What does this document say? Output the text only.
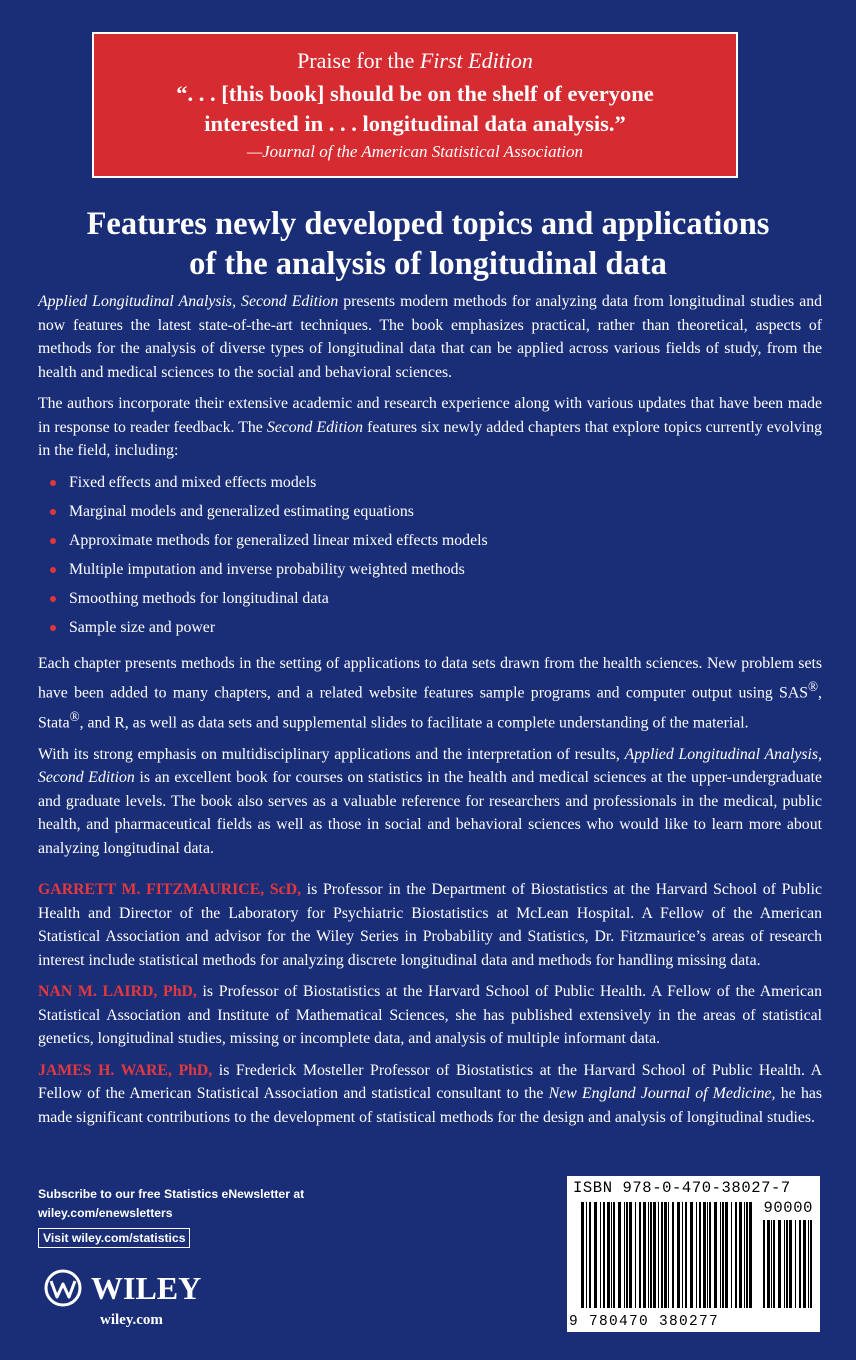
Praise for the First Edition
“. . . [this book] should be on the shelf of everyone
interested in . . . longitudinal data analysis.”
—Journal of the American Statistical Association
Features newly developed topics and applications
of the analysis of longitudinal data

Applied Longitudinal Analysis, Second Edition presents modern methods for analyzing data from longitudinal studies and now features the latest state-of-the-art techniques. The book emphasizes practical, rather than theoretical, aspects of methods for the analysis of diverse types of longitudinal data that can be applied across various fields of study, from the health and medical sciences to the social and behavioral sciences.

The authors incorporate their extensive academic and research experience along with various updates that have been made in response to reader feedback. The Second Edition features six newly added chapters that explore topics currently evolving in the field, including:

Fixed effects and mixed effects models
Marginal models and generalized estimating equations
Approximate methods for generalized linear mixed effects models
Multiple imputation and inverse probability weighted methods
Smoothing methods for longitudinal data
Sample size and power

Each chapter presents methods in the setting of applications to data sets drawn from the health sciences. New problem sets have been added to many chapters, and a related website features sample programs and computer output using SAS®, Stata®, and R, as well as data sets and supplemental slides to facilitate a complete understanding of the material.

With its strong emphasis on multidisciplinary applications and the interpretation of results, Applied Longitudinal Analysis, Second Edition is an excellent book for courses on statistics in the health and medical sciences at the upper-undergraduate and graduate levels. The book also serves as a valuable reference for researchers and professionals in the medical, public health, and pharmaceutical fields as well as those in social and behavioral sciences who would like to learn more about analyzing longitudinal data.

GARRETT M. FITZMAURICE, ScD, is Professor in the Department of Biostatistics at the Harvard School of Public Health and Director of the Laboratory for Psychiatric Biostatistics at McLean Hospital. A Fellow of the American Statistical Association and advisor for the Wiley Series in Probability and Statistics, Dr. Fitzmaurice’s areas of research interest include statistical methods for analyzing discrete longitudinal data and methods for handling missing data.

NAN M. LAIRD, PhD, is Professor of Biostatistics at the Harvard School of Public Health. A Fellow of the American Statistical Association and Institute of Mathematical Sciences, she has published extensively in the areas of statistical genetics, longitudinal studies, missing or incomplete data, and analysis of multiple informant data.

JAMES H. WARE, PhD, is Frederick Mosteller Professor of Biostatistics at the Harvard School of Public Health. A Fellow of the American Statistical Association and statistical consultant to the New England Journal of Medicine, he has made significant contributions to the development of statistical methods for the design and analysis of longitudinal studies.

Subscribe to our free Statistics eNewsletter at
wiley.com/enewsletters
Visit wiley.com/statistics
WILEY
wiley.com
ISBN 978-0-470-38027-7
90000
9 780470 380277
